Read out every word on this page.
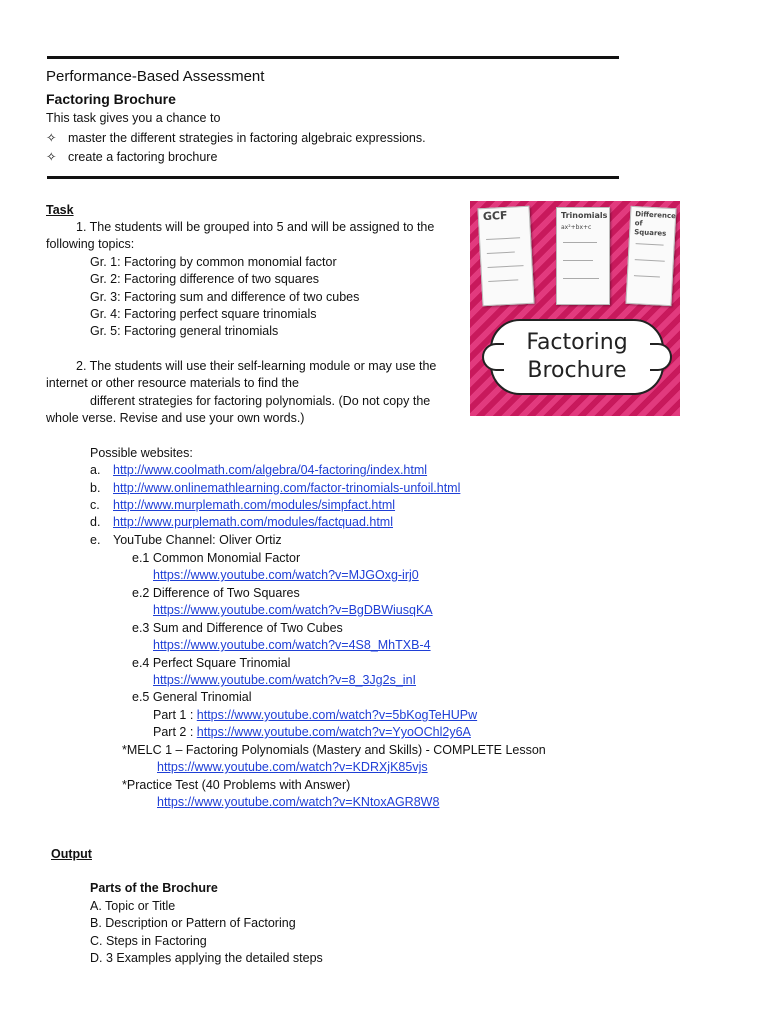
Performance-Based Assessment
Factoring Brochure
This task gives you a chance to
✧ master the different strategies in factoring algebraic expressions.
✧ create a factoring brochure
Task
1. The students will be grouped into 5 and will be assigned to the
following topics:
Gr. 1: Factoring by common monomial factor
Gr. 2: Factoring difference of two squares
Gr. 3: Factoring sum and difference of two cubes
Gr. 4: Factoring perfect square trinomials
Gr. 5: Factoring general trinomials
2. The students will use their self-learning module or may use the
internet or other resource materials to find the
different strategies for factoring polynomials. (Do not copy the
whole verse. Revise and use your own words.)
GCF	Trinomials
ax²+bx+c
Difference of Squares
Factoring
Brochure
Possible websites:
a. http://www.coolmath.com/algebra/04-factoring/index.html
b. http://www.onlinemathlearning.com/factor-trinomials-unfoil.html
c. http://www.murplemath.com/modules/simpfact.html
d. http://www.purplemath.com/modules/factquad.html
e. YouTube Channel: Oliver Ortiz
e.1 Common Monomial Factor
https://www.youtube.com/watch?v=MJGOxg-irj0
e.2 Difference of Two Squares
https://www.youtube.com/watch?v=BgDBWiusqKA
e.3 Sum and Difference of Two Cubes
https://www.youtube.com/watch?v=4S8_MhTXB-4
e.4 Perfect Square Trinomial
https://www.youtube.com/watch?v=8_3Jg2s_inI
e.5 General Trinomial
Part 1 : https://www.youtube.com/watch?v=5bKogTeHUPw
Part 2 : https://www.youtube.com/watch?v=YyoOChl2y6A
*MELC 1 – Factoring Polynomials (Mastery and Skills) - COMPLETE Lesson
https://www.youtube.com/watch?v=KDRXjK85vjs
*Practice Test (40 Problems with Answer)
https://www.youtube.com/watch?v=KNtoxAGR8W8
Output
Parts of the Brochure
A. Topic or Title
B. Description or Pattern of Factoring
C. Steps in Factoring
D. 3 Examples applying the detailed steps
